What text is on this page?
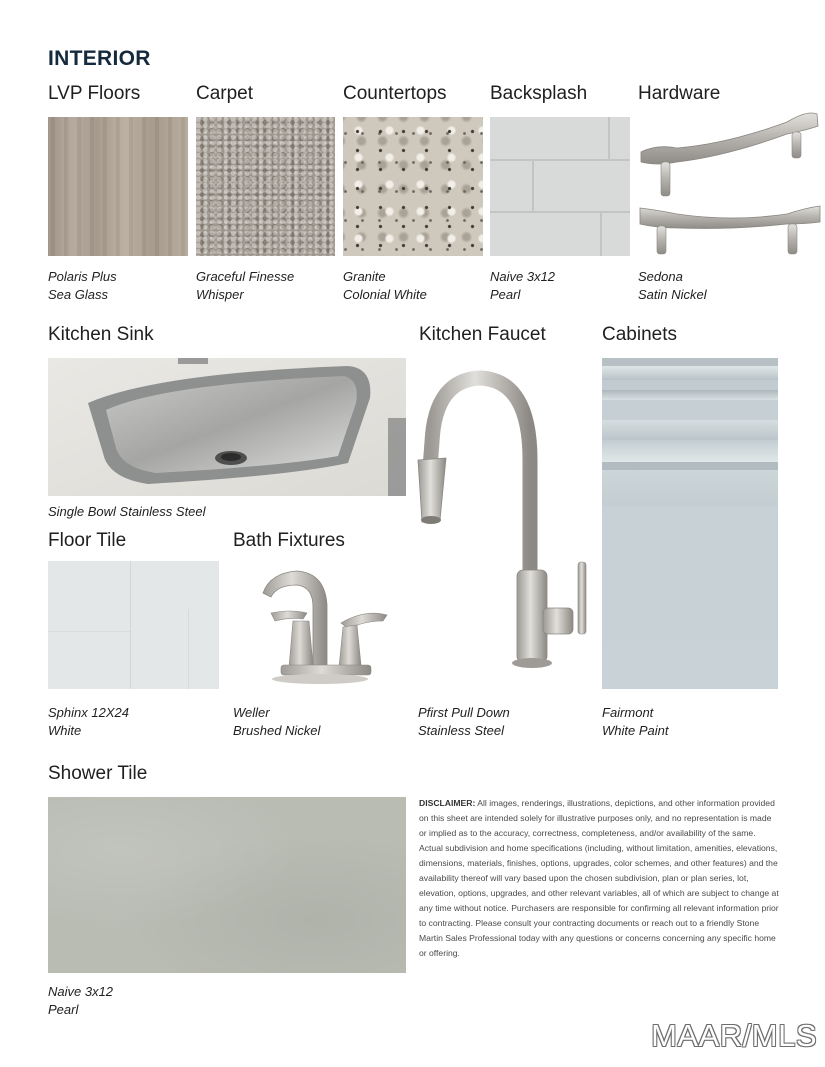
INTERIOR
LVP Floors	Carpet	Countertops Backsplash	Hardware
Polaris Plus
Sea Glass
Graceful Finesse
Whisper
Granite
Colonial White
Naive 3x12
Pearl
Sedona
Satin Nickel
Kitchen Sink	Kitchen Faucet	Cabinets
Single Bowl Stainless Steel
Pfirst Pull Down
Stainless Steel
Fairmont
White Paint
Floor Tile	Bath Fixtures
Sphinx 12X24
White
Weller
Brushed Nickel
Shower Tile
Naive 3x12
Pearl
DISCLAIMER: All images, renderings, illustrations, depictions, and other information provided on this sheet are intended solely for illustrative purposes only, and no representation is made or implied as to the accuracy, correctness, completeness, and/or availability of the same. Actual subdivision and home specifications (including, without limitation, amenities, elevations, dimensions, materials, finishes, options, upgrades, color schemes, and other features) and the availability thereof will vary based upon the chosen subdivision, plan or plan series, lot, elevation, options, upgrades, and other relevant variables, all of which are subject to change at any time without notice. Purchasers are responsible for confirming all relevant information prior to contracting. Please consult your contracting documents or reach out to a friendly Stone Martin Sales Professional today with any questions or concerns concerning any specific home or offering.
MAAR/MLS
